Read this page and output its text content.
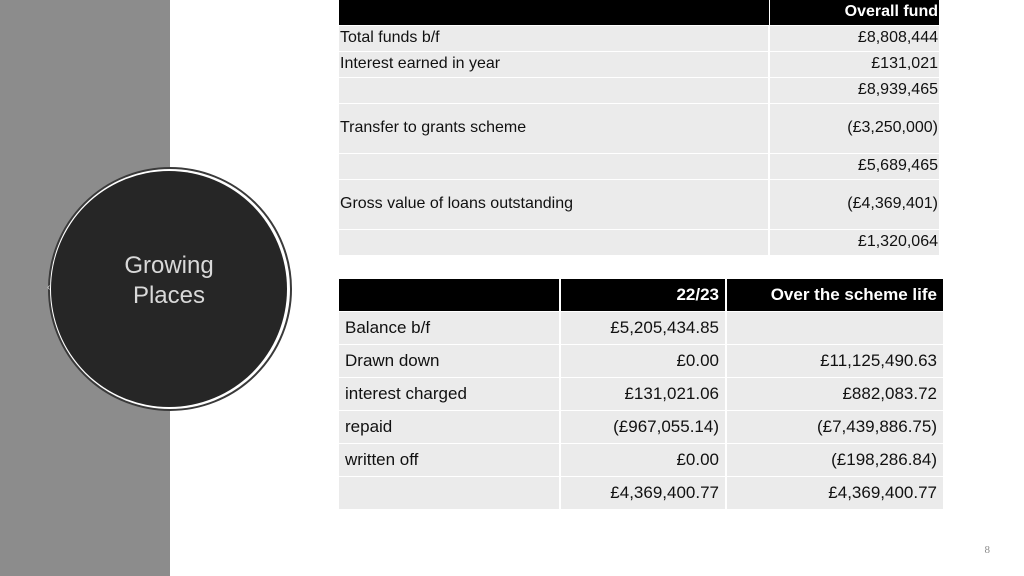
Growing
Places
‹
	Overall fund
Total funds b/f	£8,808,444
Interest earned in year	£131,021
	£8,939,465
Transfer to grants scheme	(£3,250,000)
	£5,689,465
Gross value of loans outstanding	(£4,369,401)
	£1,320,064
	22/23	Over the scheme life
Balance b/f	£5,205,434.85	
Drawn down	£0.00	£11,125,490.63
interest charged	£131,021.06	£882,083.72
repaid	(£967,055.14)	(£7,439,886.75)
written off	£0.00	(£198,286.84)
	£4,369,400.77	£4,369,400.77
8
